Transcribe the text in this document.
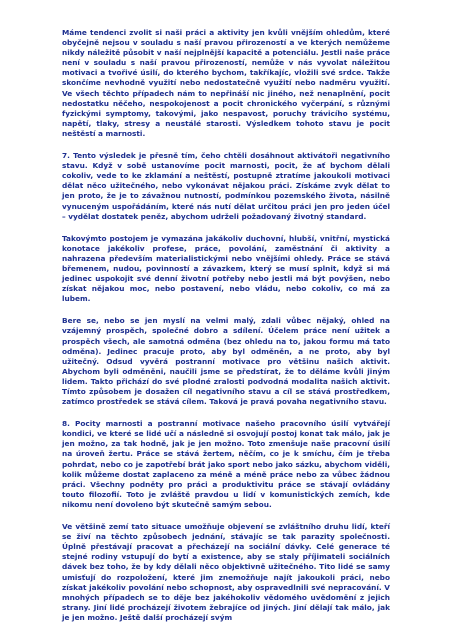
Máme tendenci zvolit si naši práci a aktivity jen kvůli vnějším ohledům, které obyčejně nejsou v souladu s naší pravou přirozeností a ve kterých nemůžeme nikdy náležitě působit v naší nejplnější kapacitě a potenciálu. Jestli naše práce není v souladu s naší pravou přirozeností, nemůže v nás vyvolat náležitou motivaci a tvořivé úsilí, do kterého bychom, takříkajíc, vložili své srdce. Takže skončíme nevhodně využití nebo nedostatečně využití nebo nadměru využití. Ve všech těchto případech nám to nepřináší nic jiného, než nenaplnění, pocit nedostatku něčeho, nespokojenost a pocit chronického vyčerpání, s různými fyzickými symptomy, takovými, jako nespavost, poruchy trávicího systému, napětí, tlaky, stresy a neustálé starosti. Výsledkem tohoto stavu je pocit neštěstí a marnosti.

7. Tento výsledek je přesně tím, čeho chtěli dosáhnout aktivátoři negativního stavu. Když v sobě ustanovíme pocit marnosti, pocit, že ať bychom dělali cokoliv, vede to ke zklamání a neštěstí, postupně ztratíme jakoukoli motivaci dělat něco užitečného, nebo vykonávat nějakou práci. Získáme zvyk dělat to jen proto, že je to závažnou nutností, podmínkou pozemského života, násilně vynuceným uspořádáním, které nás nutí dělat určitou práci jen pro jeden účel – vydělat dostatek peněz, abychom udrželi požadovaný životný standard.

Takovýmto postojem je vymazána jakákoliv duchovní, hlubší, vnitřní, mystická konotace jakékoliv profese, práce, povolání, zaměstnání či aktivity a nahrazena především materialistickými nebo vnějšími ohledy. Práce se stává břemenem, nudou, povinností a závazkem, který se musí splnit, když si má jedinec uspokojit své denní životní potřeby nebo jestli má být povýšen, nebo získat nějakou moc, nebo postavení, nebo vládu, nebo cokoliv, co má za lubem.

Bere se, nebo se jen myslí na velmi malý, zdali vůbec nějaký, ohled na vzájemný prospěch, společné dobro a sdílení. Účelem práce není užitek a prospěch všech, ale samotná odměna (bez ohledu na to, jakou formu má tato odměna). Jedinec pracuje proto, aby byl odměněn, a ne proto, aby byl užitečný. Odsud vyvěrá postranní motivace pro většinu našich aktivit. Abychom byli odměněni, naučili jsme se předstírat, že to děláme kvůli jiným lidem. Takto přichází do své plodné zralosti podvodná modalita našich aktivit. Tímto způsobem je dosažen cíl negativního stavu a cíl se stává prostředkem, zatímco prostředek se stává cílem. Taková je pravá povaha negativního stavu.

8. Pocity marnosti a postranní motivace našeho pracovního úsilí vytvářejí kondici, ve které se lidé učí a následně si osvojují postoj konat tak málo, jak je jen možno, za tak hodně, jak je jen možno. Toto zmenšuje naše pracovní úsilí na úroveň žertu. Práce se stává žertem, něčím, co je k smíchu, čím je třeba pohrdat, nebo co je zapotřebí brát jako sport nebo jako sázku, abychom viděli, kolik můžeme dostat zaplaceno za méně a méně práce nebo za vůbec žádnou práci. Všechny podněty pro práci a produktivitu práce se stávají ovládány touto filozofií. Toto je zvláště pravdou u lidí v komunistických zemích, kde nikomu není dovoleno být skutečně samým sebou.

Ve většině zemí tato situace umožňuje objevení se zvláštního druhu lidí, kteří se živí na těchto způsobech jednání, stávajíc se tak parazity společnosti. Úplně přestávají pracovat a přecházejí na sociální dávky. Celé generace té stejné rodiny vstupují do bytí a existence, aby se staly příjimateli sociálních dávek bez toho, že by kdy dělali něco objektivně užitečného. Tito lidé se samy umisťují do rozpoložení, které jim znemožňuje najít jakoukoli práci, nebo získat jakékoliv povolání nebo schopnost, aby ospravedlnili své nepracování. V mnohých případech se to děje bez jakéhokoliv vědomého uvědomění z jejich strany. Jiní lidé procházejí životem žebrajíce od jiných. Jiní dělají tak málo, jak je jen možno. Ještě další procházejí svým
